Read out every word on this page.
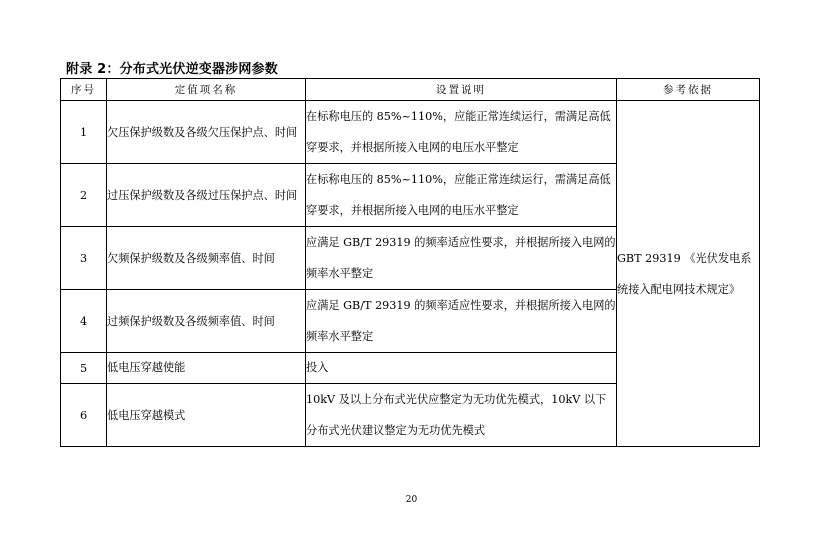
附录 2：分布式光伏逆变器涉网参数
序号	定值项名称	设置说明	参考依据
1	欠压保护级数及各级欠压保护点、时间	在标称电压的 85%~110%，应能正常连续运行，需满足高低穿要求，并根据所接入电网的电压水平整定	GBT 29319 《光伏发电系统接入配电网技术规定》
2	过压保护级数及各级过压保护点、时间	在标称电压的 85%~110%，应能正常连续运行，需满足高低穿要求，并根据所接入电网的电压水平整定	
3	欠频保护级数及各级频率值、时间	应满足 GB/T 29319 的频率适应性要求，并根据所接入电网的频率水平整定	
4	过频保护级数及各级频率值、时间	应满足 GB/T 29319 的频率适应性要求，并根据所接入电网的频率水平整定	
5	低电压穿越使能	投入	
6	低电压穿越模式	10kV 及以上分布式光伏应整定为无功优先模式，10kV 以下分布式光伏建议整定为无功优先模式	
20
